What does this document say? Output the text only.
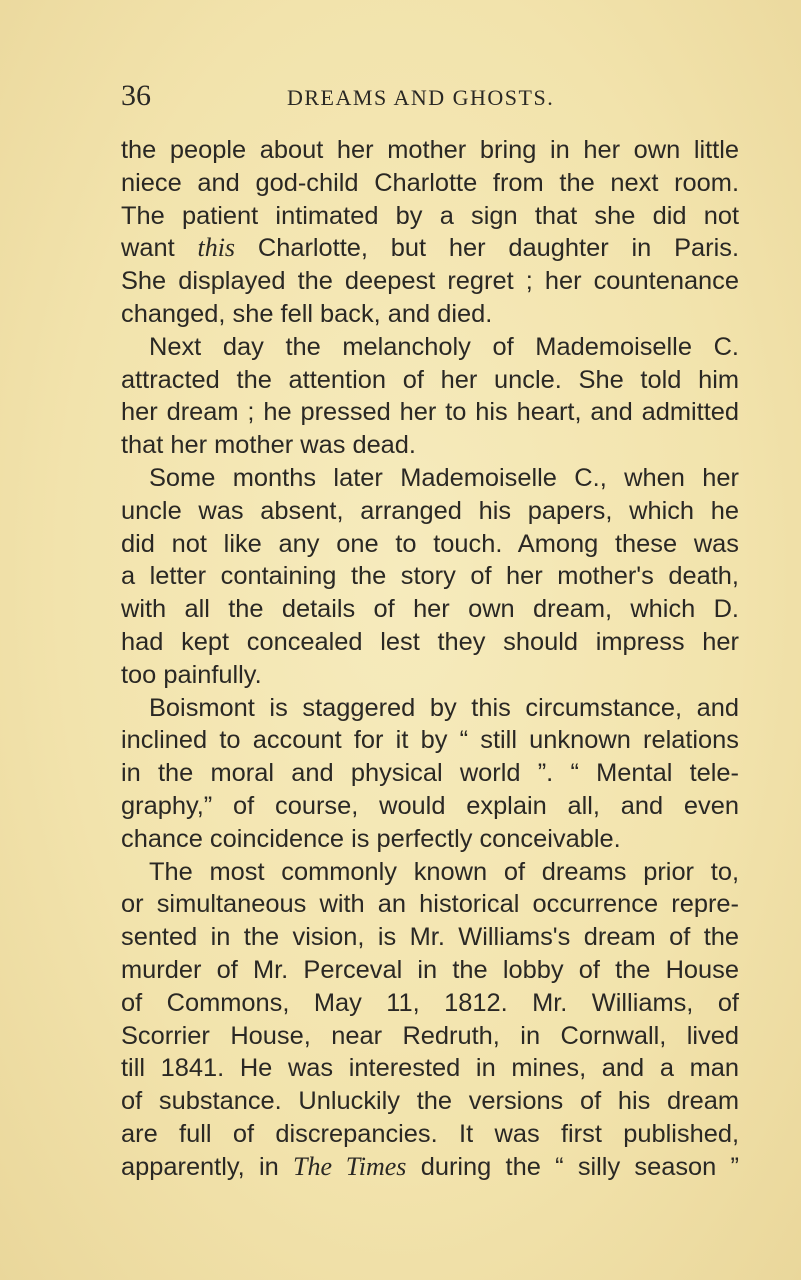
36	DREAMS AND GHOSTS.
the people about her mother bring in her own little
niece and god-child Charlotte from the next room.
The patient intimated by a sign that she did not
want this Charlotte, but her daughter in Paris.
She displayed the deepest regret ; her countenance
changed, she fell back, and died.
Next day the melancholy of Mademoiselle C.
attracted the attention of her uncle. She told him
her dream ; he pressed her to his heart, and admitted
that her mother was dead.
Some months later Mademoiselle C., when her
uncle was absent, arranged his papers, which he
did not like any one to touch. Among these was
a letter containing the story of her mother's death,
with all the details of her own dream, which D.
had kept concealed lest they should impress her
too painfully.
Boismont is staggered by this circumstance, and
inclined to account for it by “ still unknown relations
in the moral and physical world ”. “ Mental tele-
graphy,” of course, would explain all, and even
chance coincidence is perfectly conceivable.
The most commonly known of dreams prior to,
or simultaneous with an historical occurrence repre-
sented in the vision, is Mr. Williams's dream of the
murder of Mr. Perceval in the lobby of the House
of Commons, May 11, 1812. Mr. Williams, of
Scorrier House, near Redruth, in Cornwall, lived
till 1841. He was interested in mines, and a man
of substance. Unluckily the versions of his dream
are full of discrepancies. It was first published,
apparently, in The Times during the “ silly season ”
